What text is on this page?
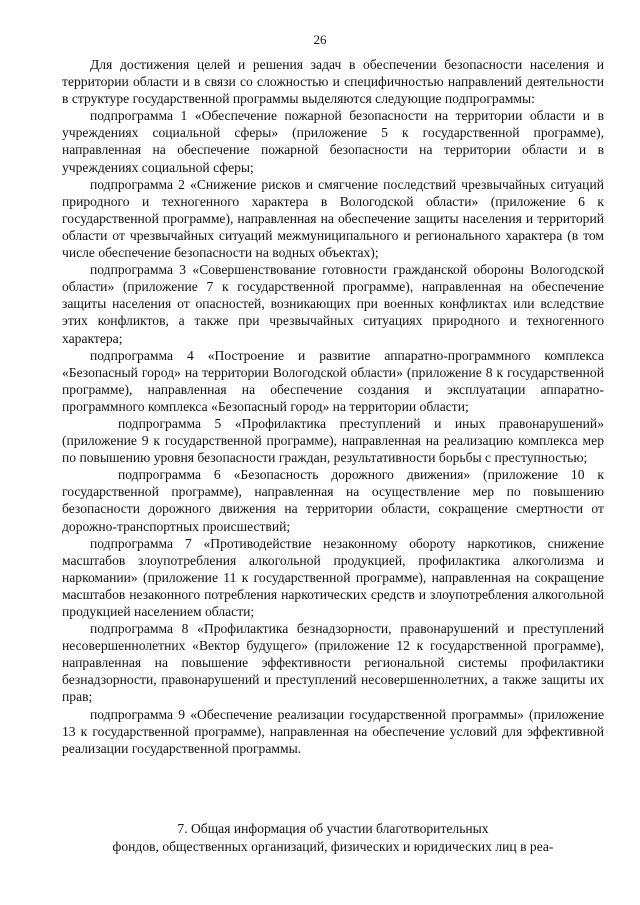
26

Для достижения целей и решения задач в обеспечении безопасности населения и территории области и в связи со сложностью и специфичностью направлений деятельности в структуре государственной программы выделяются следующие подпрограммы:

подпрограмма 1 «Обеспечение пожарной безопасности на территории области и в учреждениях социальной сферы» (приложение 5 к государственной программе), направленная на обеспечение пожарной безопасности на территории области и в учреждениях социальной сферы;

подпрограмма 2 «Снижение рисков и смягчение последствий чрезвычайных ситуаций природного и техногенного характера в Вологодской области» (приложение 6 к государственной программе), направленная на обеспечение защиты населения и территорий области от чрезвычайных ситуаций межмуниципального и регионального характера (в том числе обеспечение безопасности на водных объектах);

подпрограмма 3 «Совершенствование готовности гражданской обороны Вологодской области» (приложение 7 к государственной программе), направленная на обеспечение защиты населения от опасностей, возникающих при военных конфликтах или вследствие этих конфликтов, а также при чрезвычайных ситуациях природного и техногенного характера;

подпрограмма 4 «Построение и развитие аппаратно-программного комплекса «Безопасный город» на территории Вологодской области» (приложение 8 к государственной программе), направленная на обеспечение создания и эксплуатации аппаратно-программного комплекса «Безопасный город» на территории области;

подпрограмма 5 «Профилактика преступлений и иных правонарушений» (приложение 9 к государственной программе), направленная на реализацию комплекса мер по повышению уровня безопасности граждан, результативности борьбы с преступностью;

подпрограмма 6 «Безопасность дорожного движения» (приложение 10 к государственной программе), направленная на осуществление мер по повышению безопасности дорожного движения на территории области, сокращение смертности от дорожно-транспортных происшествий;

подпрограмма 7 «Противодействие незаконному обороту наркотиков, снижение масштабов злоупотребления алкогольной продукцией, профилактика алкоголизма и наркомании» (приложение 11 к государственной программе), направленная на сокращение масштабов незаконного потребления наркотических средств и злоупотребления алкогольной продукцией населением области;

подпрограмма 8 «Профилактика безнадзорности, правонарушений и преступлений несовершеннолетних «Вектор будущего» (приложение 12 к государственной программе), направленная на повышение эффективности региональной системы профилактики безнадзорности, правонарушений и преступлений несовершеннолетних, а также защиты их прав;

подпрограмма 9 «Обеспечение реализации государственной программы» (приложение 13 к государственной программе), направленная на обеспечение условий для эффективной реализации государственной программы.

7. Общая информация об участии благотворительных

фондов, общественных организаций, физических и юридических лиц в реа-
